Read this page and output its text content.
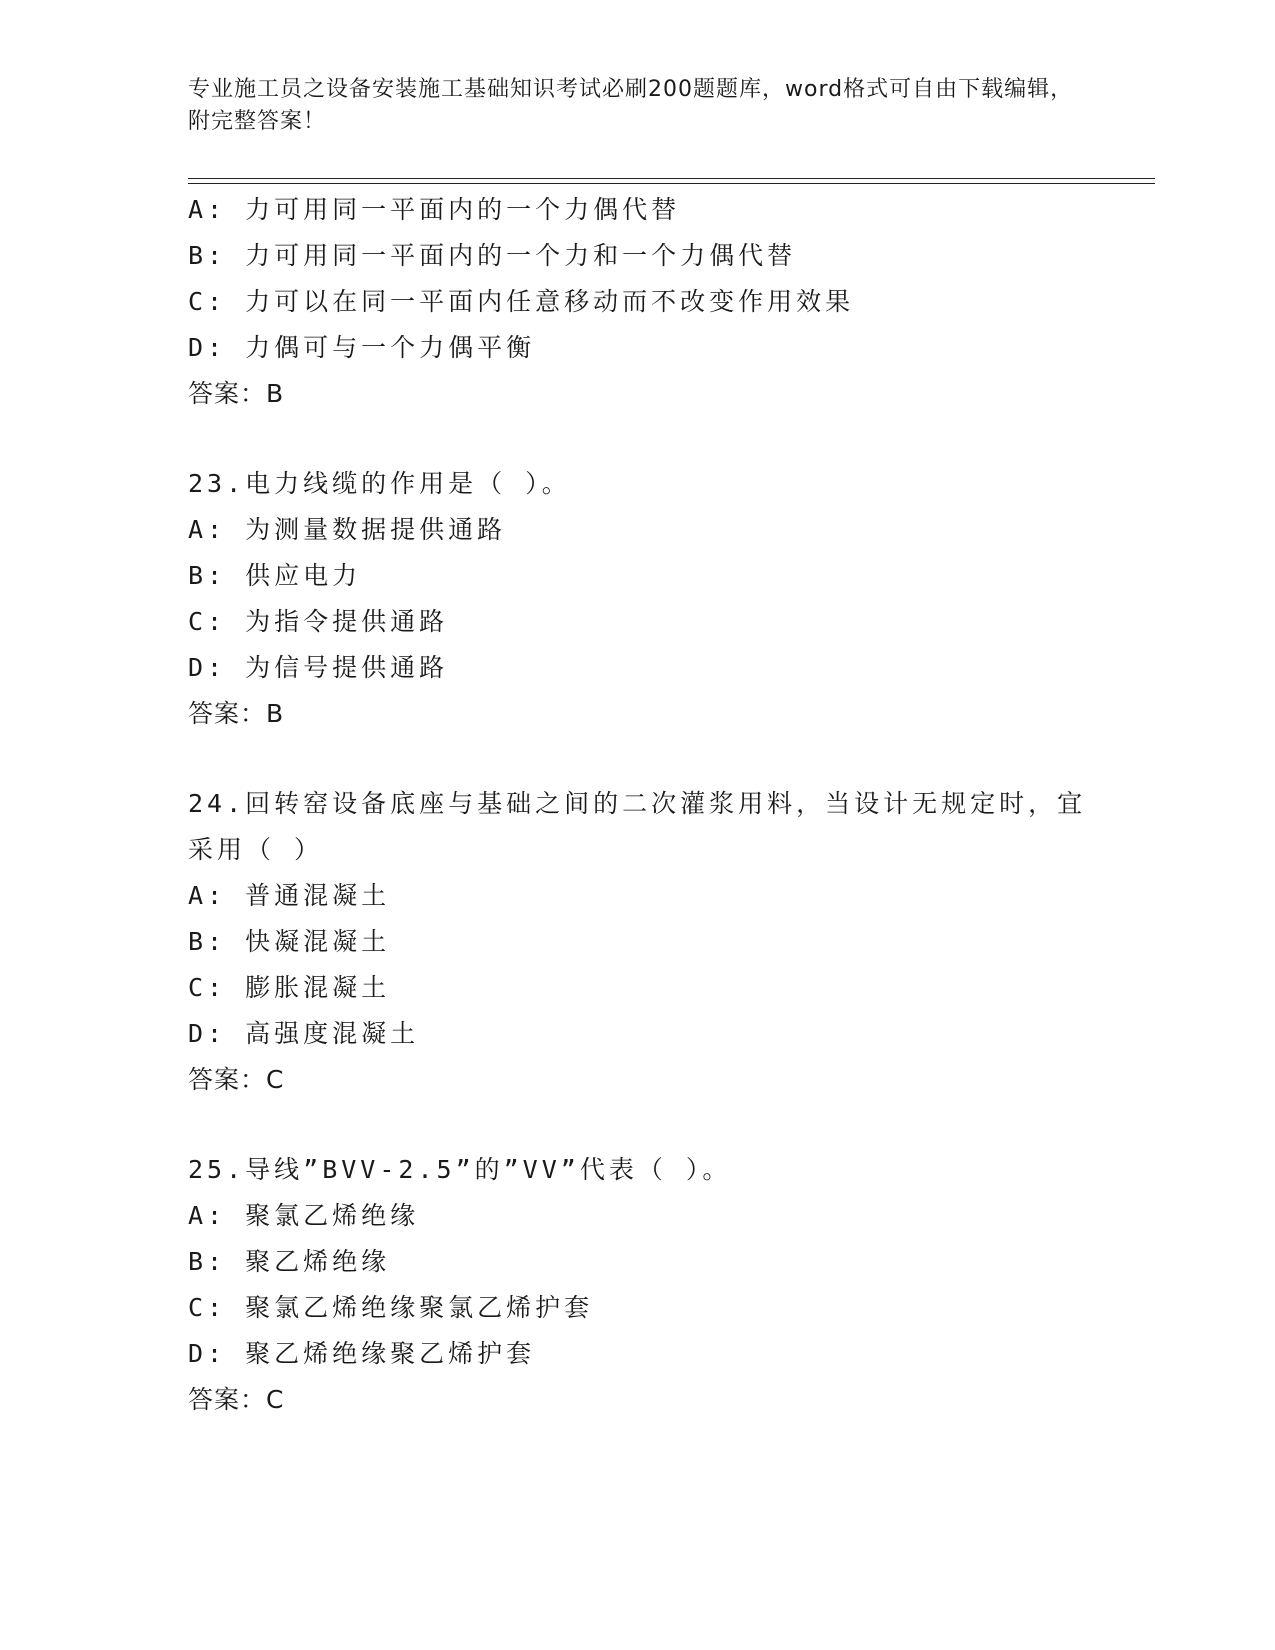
专业施工员之设备安装施工基础知识考试必刷200题题库，word格式可自由下载编辑，附完整答案！
A: 力可用同一平面内的一个力偶代替
B: 力可用同一平面内的一个力和一个力偶代替
C: 力可以在同一平面内任意移动而不改变作用效果
D: 力偶可与一个力偶平衡
答案：B
23.电力线缆的作用是（ ）。
A: 为测量数据提供通路
B: 供应电力
C: 为指令提供通路
D: 为信号提供通路
答案：B
24.回转窑设备底座与基础之间的二次灌浆用料，当设计无规定时，宜采用（ ）
A: 普通混凝土
B: 快凝混凝土
C: 膨胀混凝土
D: 高强度混凝土
答案：C
25.导线”BVV-2.5”的”VV”代表（ ）。
A: 聚氯乙烯绝缘
B: 聚乙烯绝缘
C: 聚氯乙烯绝缘聚氯乙烯护套
D: 聚乙烯绝缘聚乙烯护套
答案：C
